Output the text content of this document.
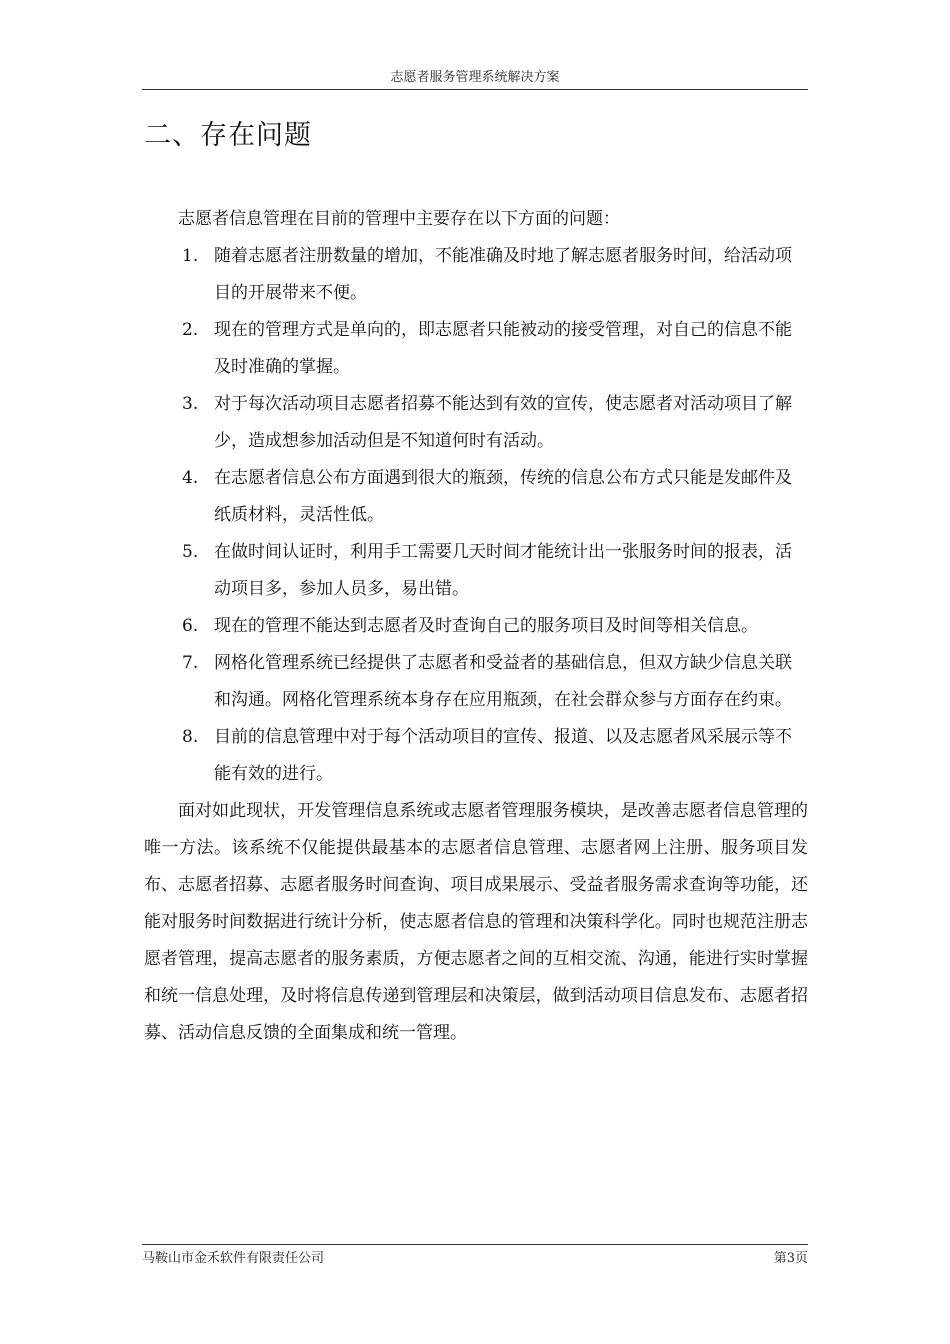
志愿者服务管理系统解决方案
二、存在问题

志愿者信息管理在目前的管理中主要存在以下方面的问题：

1. 随着志愿者注册数量的增加，不能准确及时地了解志愿者服务时间，给活动项目的开展带来不便。
2. 现在的管理方式是单向的，即志愿者只能被动的接受管理，对自己的信息不能及时准确的掌握。
3. 对于每次活动项目志愿者招募不能达到有效的宣传，使志愿者对活动项目了解少，造成想参加活动但是不知道何时有活动。
4. 在志愿者信息公布方面遇到很大的瓶颈，传统的信息公布方式只能是发邮件及纸质材料，灵活性低。
5. 在做时间认证时，利用手工需要几天时间才能统计出一张服务时间的报表，活动项目多，参加人员多，易出错。
6. 现在的管理不能达到志愿者及时查询自己的服务项目及时间等相关信息。
7. 网格化管理系统已经提供了志愿者和受益者的基础信息，但双方缺少信息关联和沟通。网格化管理系统本身存在应用瓶颈，在社会群众参与方面存在约束。
8. 目前的信息管理中对于每个活动项目的宣传、报道、以及志愿者风采展示等不能有效的进行。

面对如此现状，开发管理信息系统或志愿者管理服务模块，是改善志愿者信息管理的唯一方法。该系统不仅能提供最基本的志愿者信息管理、志愿者网上注册、服务项目发布、志愿者招募、志愿者服务时间查询、项目成果展示、受益者服务需求查询等功能，还能对服务时间数据进行统计分析，使志愿者信息的管理和决策科学化。同时也规范注册志愿者管理，提高志愿者的服务素质，方便志愿者之间的互相交流、沟通，能进行实时掌握和统一信息处理，及时将信息传递到管理层和决策层，做到活动项目信息发布、志愿者招募、活动信息反馈的全面集成和统一管理。

马鞍山市金禾软件有限责任公司	第3页
